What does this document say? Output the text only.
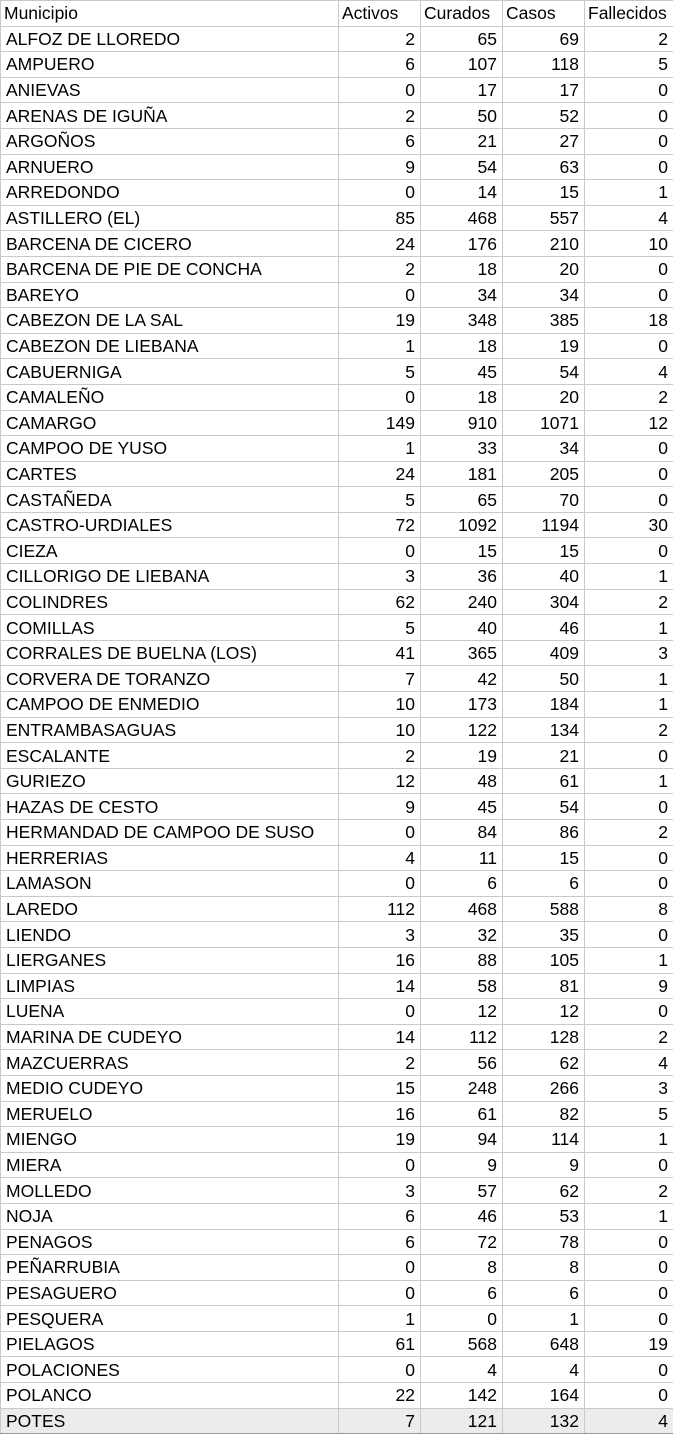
Municipio	Activos	Curados	Casos	Fallecidos
ALFOZ DE LLOREDO	2	65	69	2
AMPUERO	6	107	118	5
ANIEVAS	0	17	17	0
ARENAS DE IGUÑA	2	50	52	0
ARGOÑOS	6	21	27	0
ARNUERO	9	54	63	0
ARREDONDO	0	14	15	1
ASTILLERO (EL)	85	468	557	4
BARCENA DE CICERO	24	176	210	10
BARCENA DE PIE DE CONCHA	2	18	20	0
BAREYO	0	34	34	0
CABEZON DE LA SAL	19	348	385	18
CABEZON DE LIEBANA	1	18	19	0
CABUERNIGA	5	45	54	4
CAMALEÑO	0	18	20	2
CAMARGO	149	910	1071	12
CAMPOO DE YUSO	1	33	34	0
CARTES	24	181	205	0
CASTAÑEDA	5	65	70	0
CASTRO-URDIALES	72	1092	1194	30
CIEZA	0	15	15	0
CILLORIGO DE LIEBANA	3	36	40	1
COLINDRES	62	240	304	2
COMILLAS	5	40	46	1
CORRALES DE BUELNA (LOS)	41	365	409	3
CORVERA DE TORANZO	7	42	50	1
CAMPOO DE ENMEDIO	10	173	184	1
ENTRAMBASAGUAS	10	122	134	2
ESCALANTE	2	19	21	0
GURIEZO	12	48	61	1
HAZAS DE CESTO	9	45	54	0
HERMANDAD DE CAMPOO DE SUSO	0	84	86	2
HERRERIAS	4	11	15	0
LAMASON	0	6	6	0
LAREDO	112	468	588	8
LIENDO	3	32	35	0
LIERGANES	16	88	105	1
LIMPIAS	14	58	81	9
LUENA	0	12	12	0
MARINA DE CUDEYO	14	112	128	2
MAZCUERRAS	2	56	62	4
MEDIO CUDEYO	15	248	266	3
MERUELO	16	61	82	5
MIENGO	19	94	114	1
MIERA	0	9	9	0
MOLLEDO	3	57	62	2
NOJA	6	46	53	1
PENAGOS	6	72	78	0
PEÑARRUBIA	0	8	8	0
PESAGUERO	0	6	6	0
PESQUERA	1	0	1	0
PIELAGOS	61	568	648	19
POLACIONES	0	4	4	0
POLANCO	22	142	164	0
POTES	7	121	132	4
